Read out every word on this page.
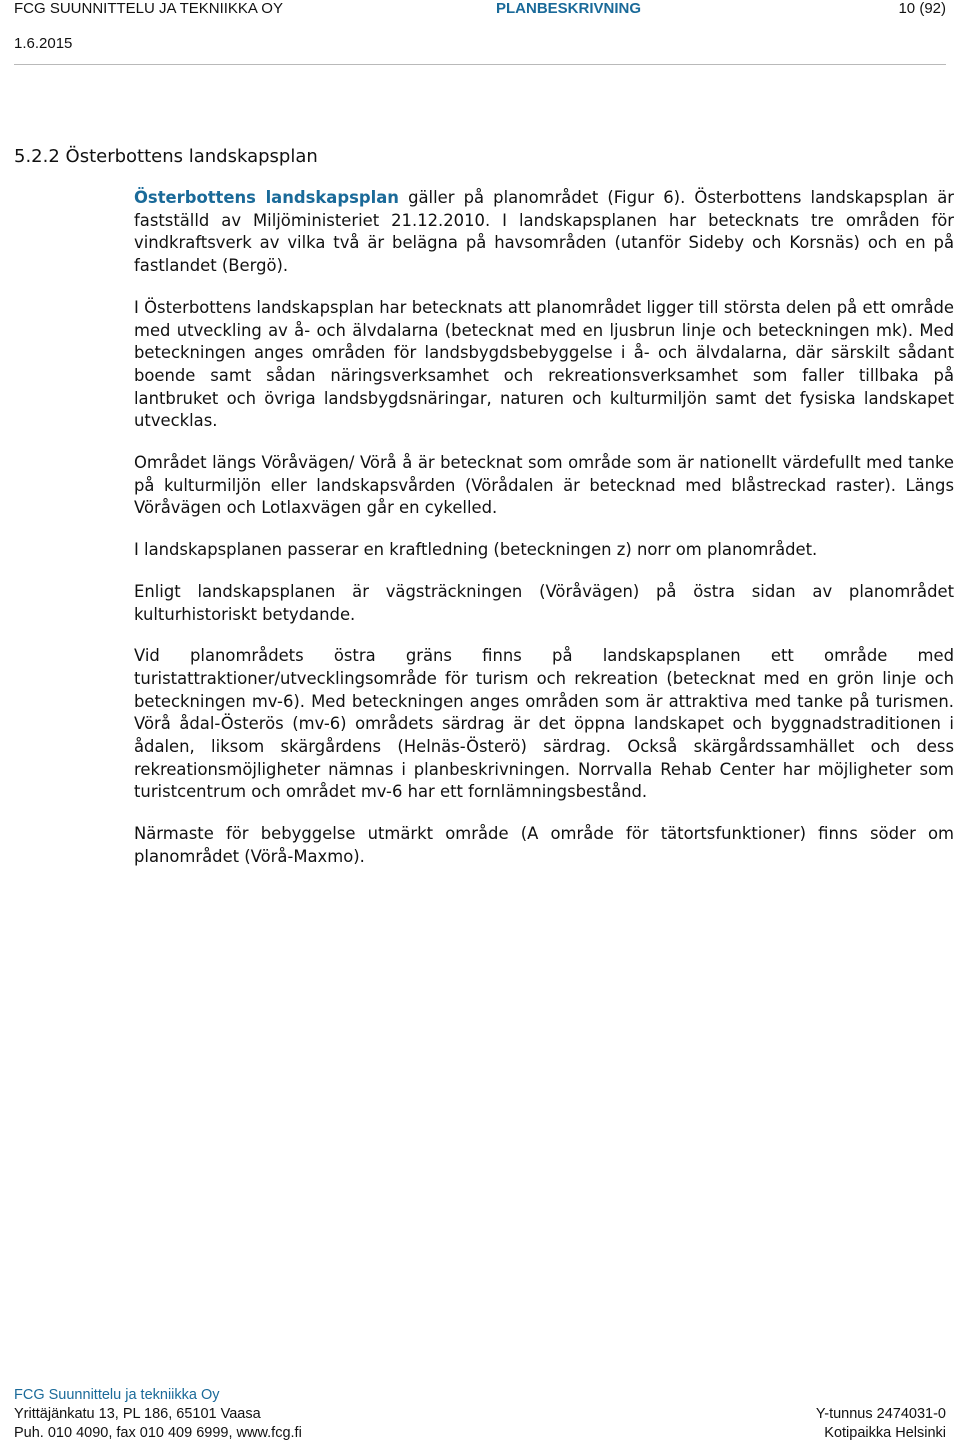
FCG SUUNNITTELU JA TEKNIIKKA OY	PLANBESKRIVNING	10 (92)
1.6.2015
5.2.2 Österbottens landskapsplan

Österbottens landskapsplan gäller på planområdet (Figur 6). Österbottens landskapsplan är fastställd av Miljöministeriet 21.12.2010. I landskapsplanen har betecknats tre områden för vindkraftsverk av vilka två är belägna på havsområden (utanför Sideby och Korsnäs) och en på fastlandet (Bergö).

I Österbottens landskapsplan har betecknats att planområdet ligger till största delen på ett område med utveckling av å- och älvdalarna (betecknat med en ljusbrun linje och beteckningen mk). Med beteckningen anges områden för landsbygdsbebyggelse i å- och älvdalarna, där särskilt sådant boende samt sådan näringsverksamhet och rekreationsverksamhet som faller tillbaka på lantbruket och övriga landsbygdsnäringar, naturen och kulturmiljön samt det fysiska landskapet utvecklas.

Området längs Vöråvägen/ Vörå å är betecknat som område som är nationellt värdefullt med tanke på kulturmiljön eller landskapsvården (Vörådalen är betecknad med blåstreckad raster). Längs Vöråvägen och Lotlaxvägen går en cykelled.

I landskapsplanen passerar en kraftledning (beteckningen z) norr om planområdet.

Enligt landskapsplanen är vägsträckningen (Vöråvägen) på östra sidan av planområdet kulturhistoriskt betydande.

Vid planområdets östra gräns finns på landskapsplanen ett område med turistattraktioner/utvecklingsområde för turism och rekreation (betecknat med en grön linje och beteckningen mv-6). Med beteckningen anges områden som är attraktiva med tanke på turismen. Vörå ådal-Österös (mv-6) områdets särdrag är det öppna landskapet och byggnadstraditionen i ådalen, liksom skärgårdens (Helnäs-Österö) särdrag. Också skärgårdssamhället och dess rekreationsmöjligheter nämnas i planbeskrivningen. Norrvalla Rehab Center har möjligheter som turistcentrum och området mv-6 har ett fornlämningsbestånd.

Närmaste för bebyggelse utmärkt område (A område för tätortsfunktioner) finns söder om planområdet (Vörå-Maxmo).

FCG Suunnittelu ja tekniikka Oy
Yrittäjänkatu 13, PL 186, 65101 Vaasa	Y-tunnus 2474031-0
Puh. 010 4090, fax 010 409 6999, www.fcg.fi	Kotipaikka Helsinki
